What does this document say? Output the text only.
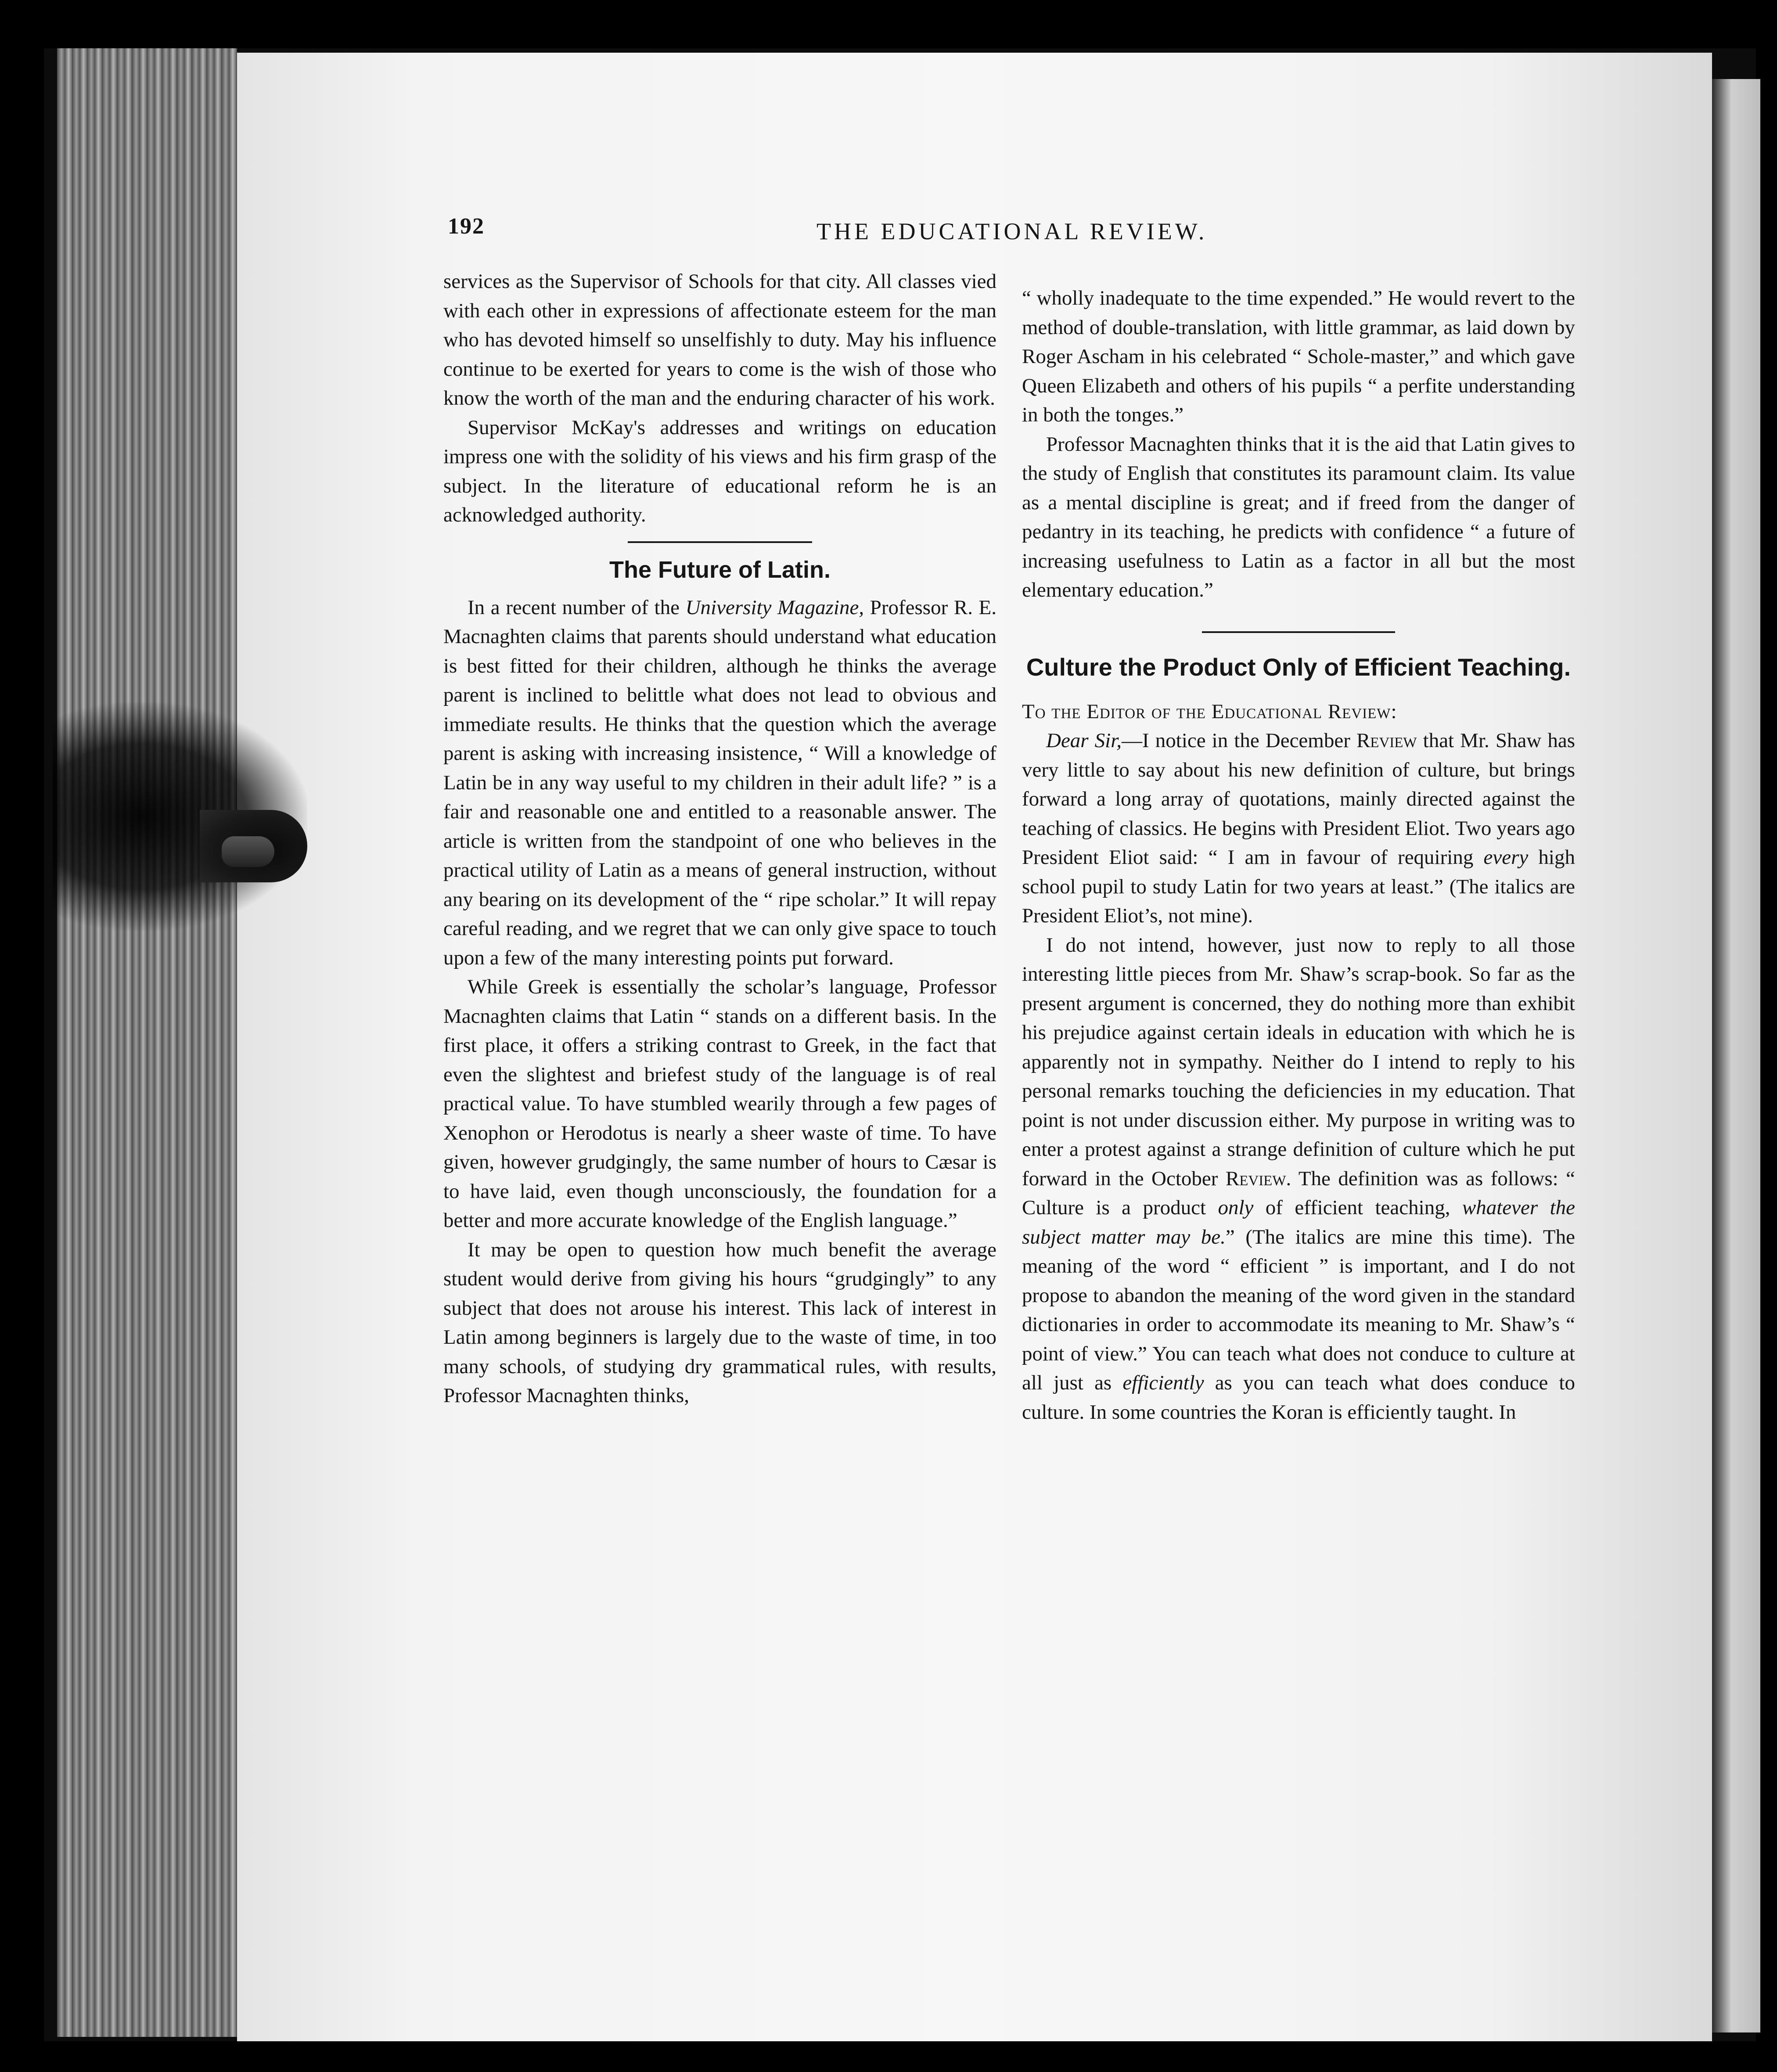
192	THE EDUCATIONAL REVIEW.

services as the Supervisor of Schools for that city. All classes vied with each other in expressions of affectionate esteem for the man who has devoted himself so unselfishly to duty. May his influence continue to be exerted for years to come is the wish of those who know the worth of the man and the enduring character of his work.

Supervisor McKay's addresses and writings on education impress one with the solidity of his views and his firm grasp of the subject. In the literature of educational reform he is an acknowledged authority.

The Future of Latin.

In a recent number of the University Magazine, Professor R. E. Macnaghten claims that parents should understand what education is best fitted for their children, although he thinks the average parent is inclined to belittle what does not lead to obvious and immediate results. He thinks that the question which the average parent is asking with increasing insistence, “ Will a knowledge of Latin be in any way useful to my children in their adult life? ” is a fair and reasonable one and entitled to a reasonable answer. The article is written from the standpoint of one who believes in the practical utility of Latin as a means of general instruction, without any bearing on its development of the “ ripe scholar.” It will repay careful reading, and we regret that we can only give space to touch upon a few of the many interesting points put forward.

While Greek is essentially the scholar’s language, Professor Macnaghten claims that Latin “ stands on a different basis. In the first place, it offers a striking contrast to Greek, in the fact that even the slightest and briefest study of the language is of real practical value. To have stumbled wearily through a few pages of Xenophon or Herodotus is nearly a sheer waste of time. To have given, however grudgingly, the same number of hours to Cæsar is to have laid, even though unconsciously, the foundation for a better and more accurate knowledge of the English language.”

It may be open to question how much benefit the average student would derive from giving his hours “grudgingly” to any subject that does not arouse his interest. This lack of interest in Latin among beginners is largely due to the waste of time, in too many schools, of studying dry grammatical rules, with results, Professor Macnaghten thinks,

“ wholly inadequate to the time expended.” He would revert to the method of double-translation, with little grammar, as laid down by Roger Ascham in his celebrated “ Schole-master,” and which gave Queen Elizabeth and others of his pupils “ a perfite understanding in both the tonges.”

Professor Macnaghten thinks that it is the aid that Latin gives to the study of English that constitutes its paramount claim. Its value as a mental discipline is great; and if freed from the danger of pedantry in its teaching, he predicts with confidence “ a future of increasing usefulness to Latin as a factor in all but the most elementary education.”

Culture the Product Only of Efficient Teaching.

To the Editor of the Educational Review:

Dear Sir,—I notice in the December Review that Mr. Shaw has very little to say about his new definition of culture, but brings forward a long array of quotations, mainly directed against the teaching of classics. He begins with President Eliot. Two years ago President Eliot said: “ I am in favour of requiring every high school pupil to study Latin for two years at least.” (The italics are President Eliot’s, not mine).

I do not intend, however, just now to reply to all those interesting little pieces from Mr. Shaw’s scrap-book. So far as the present argument is concerned, they do nothing more than exhibit his prejudice against certain ideals in education with which he is apparently not in sympathy. Neither do I intend to reply to his personal remarks touching the deficiencies in my education. That point is not under discussion either. My purpose in writing was to enter a protest against a strange definition of culture which he put forward in the October Review. The definition was as follows: “ Culture is a product only of efficient teaching, whatever the subject matter may be.” (The italics are mine this time). The meaning of the word “ efficient ” is important, and I do not propose to abandon the meaning of the word given in the standard dictionaries in order to accommodate its meaning to Mr. Shaw’s “ point of view.” You can teach what does not conduce to culture at all just as efficiently as you can teach what does conduce to culture. In some countries the Koran is efficiently taught. In
